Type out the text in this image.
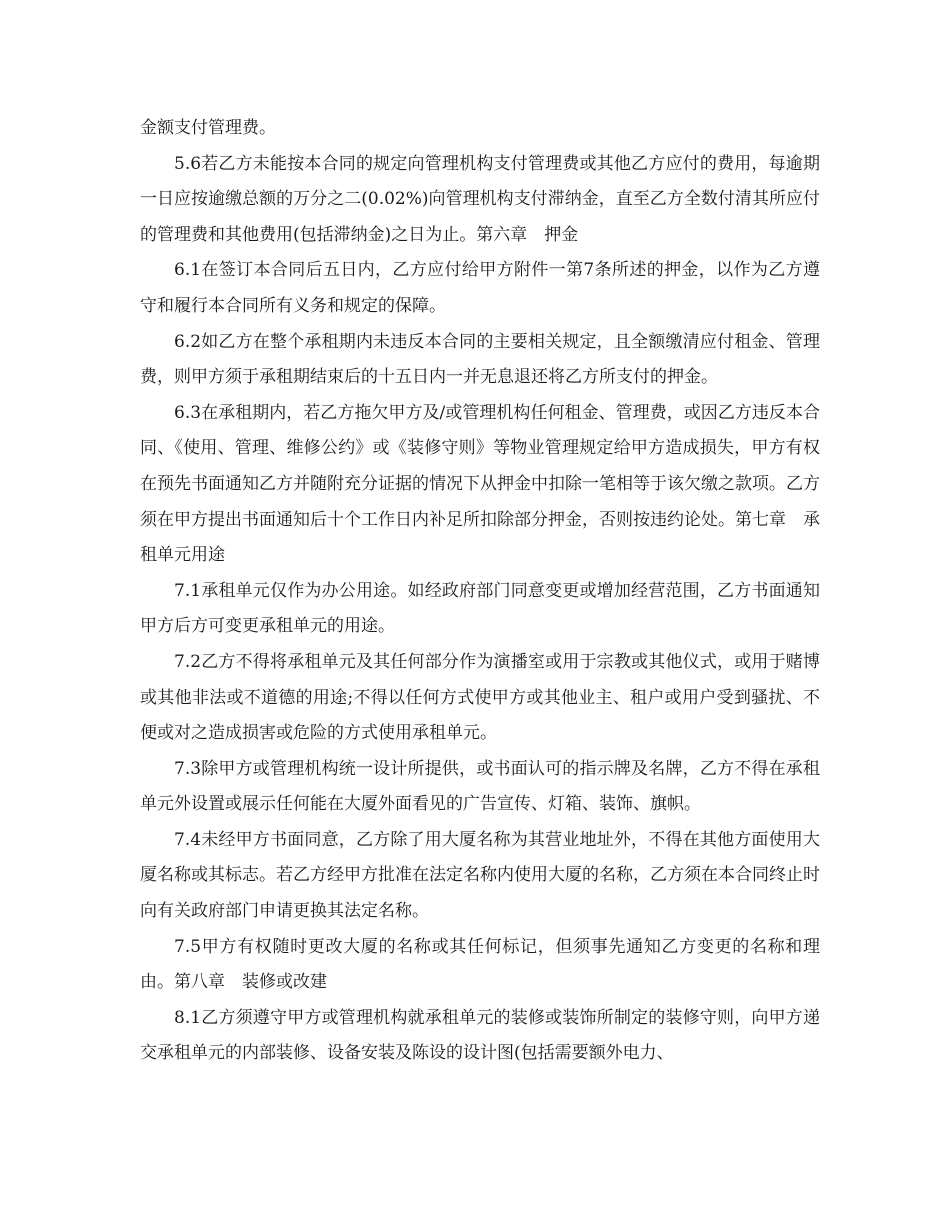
金额支付管理费。

5.6若乙方未能按本合同的规定向管理机构支付管理费或其他乙方应付的费用，每逾期一日应按逾缴总额的万分之二(0.02%)向管理机构支付滞纳金，直至乙方全数付清其所应付的管理费和其他费用(包括滞纳金)之日为止。第六章　押金

6.1在签订本合同后五日内，乙方应付给甲方附件一第7条所述的押金，以作为乙方遵守和履行本合同所有义务和规定的保障。

6.2如乙方在整个承租期内未违反本合同的主要相关规定，且全额缴清应付租金、管理费，则甲方须于承租期结束后的十五日内一并无息退还将乙方所支付的押金。

6.3在承租期内，若乙方拖欠甲方及/或管理机构任何租金、管理费，或因乙方违反本合同、《使用、管理、维修公约》或《装修守则》等物业管理规定给甲方造成损失，甲方有权在预先书面通知乙方并随附充分证据的情况下从押金中扣除一笔相等于该欠缴之款项。乙方须在甲方提出书面通知后十个工作日内补足所扣除部分押金，否则按违约论处。第七章　承租单元用途

7.1承租单元仅作为办公用途。如经政府部门同意变更或增加经营范围，乙方书面通知甲方后方可变更承租单元的用途。

7.2乙方不得将承租单元及其任何部分作为演播室或用于宗教或其他仪式，或用于赌博或其他非法或不道德的用途;不得以任何方式使甲方或其他业主、租户或用户受到骚扰、不便或对之造成损害或危险的方式使用承租单元。

7.3除甲方或管理机构统一设计所提供，或书面认可的指示牌及名牌，乙方不得在承租单元外设置或展示任何能在大厦外面看见的广告宣传、灯箱、装饰、旗帜。

7.4未经甲方书面同意，乙方除了用大厦名称为其营业地址外，不得在其他方面使用大厦名称或其标志。若乙方经甲方批准在法定名称内使用大厦的名称，乙方须在本合同终止时向有关政府部门申请更换其法定名称。

7.5甲方有权随时更改大厦的名称或其任何标记，但须事先通知乙方变更的名称和理由。第八章　装修或改建

8.1乙方须遵守甲方或管理机构就承租单元的装修或装饰所制定的装修守则，向甲方递交承租单元的内部装修、设备安装及陈设的设计图(包括需要额外电力、
